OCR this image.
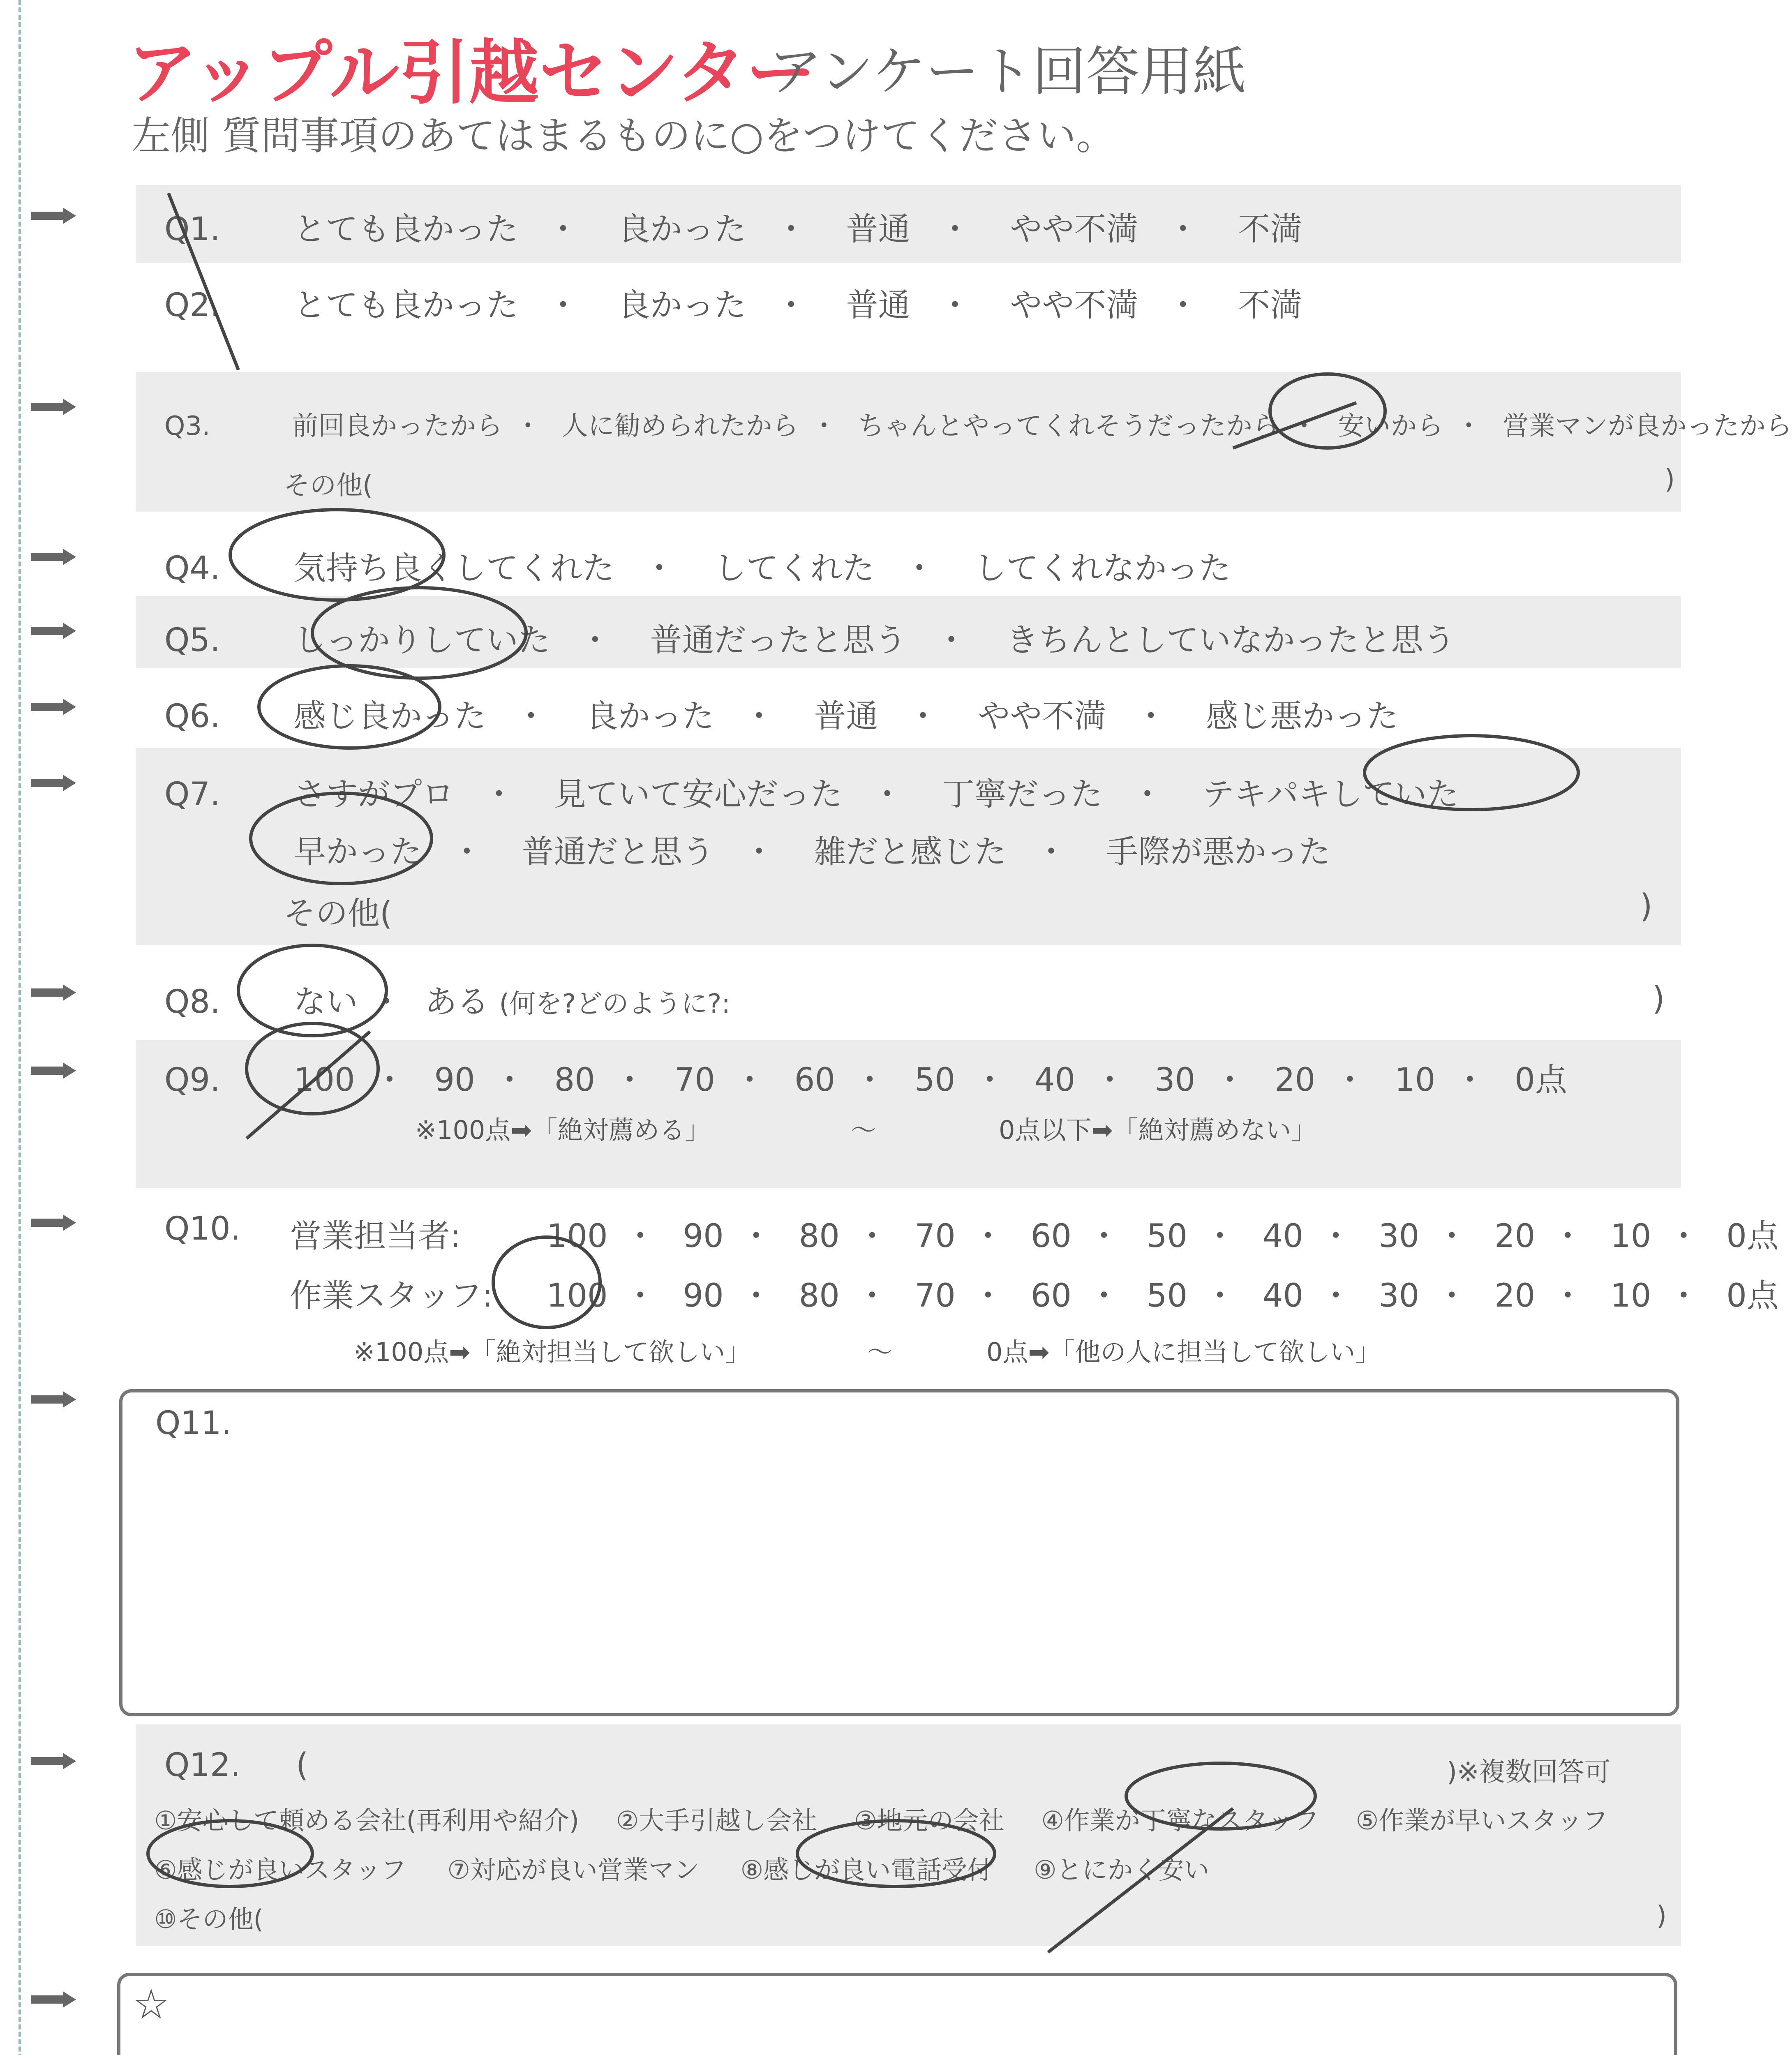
アップル引越センター
アンケート回答用紙
左側 質問事項のあてはまるものに○をつけてください。
Q1. とても良かった ・ 良かった ・ 普通 ・ やや不満 ・ 不満
Q2. とても良かった ・ 良かった ・ 普通 ・ やや不満 ・ 不満
Q3.	前回良かったから ・ 人に勧められたから ・ ちゃんとやってくれそうだったから ・ 安いから ・ 営業マンが良かったから
その他(	)
Q4. 気持ち良くしてくれた ・ してくれた ・ してくれなかった
Q5. しっかりしていた ・ 普通だったと思う ・ きちんとしていなかったと思う
Q6. 感じ良かった ・ 良かった ・ 普通 ・ やや不満 ・ 感じ悪かった
Q7. さすがプロ ・ 見ていて安心だった ・ 丁寧だった ・ テキパキしていた
早かった ・ 普通だと思う ・ 雑だと感じた ・ 手際が悪かった
その他(	)
Q8. ない ・ ある (何を?どのように?:	)
Q9. 100 ・ 90 ・ 80 ・ 70 ・ 60 ・ 50 ・ 40 ・ 30 ・ 20 ・ 10 ・ 0点
※100点➡「絶対薦める」	〜	0点以下➡「絶対薦めない」
Q10. 営業担当者:	100 ・ 90 ・ 80 ・ 70 ・ 60 ・ 50 ・ 40 ・ 30 ・ 20 ・ 10 ・ 0点
作業スタッフ: 100 ・ 90 ・ 80 ・ 70 ・ 60 ・ 50 ・ 40 ・ 30 ・ 20 ・ 10 ・ 0点
※100点➡「絶対担当して欲しい」	〜	0点➡「他の人に担当して欲しい」
Q11.
Q12. (	)※複数回答可
①安心して頼める会社(再利用や紹介) ②大手引越し会社 ③地元の会社 ④作業が丁寧なスタッフ ⑤作業が早いスタッフ
⑥感じが良いスタッフ ⑦対応が良い営業マン ⑧感じが良い電話受付 ⑨とにかく安い
⑩その他(	)
☆
